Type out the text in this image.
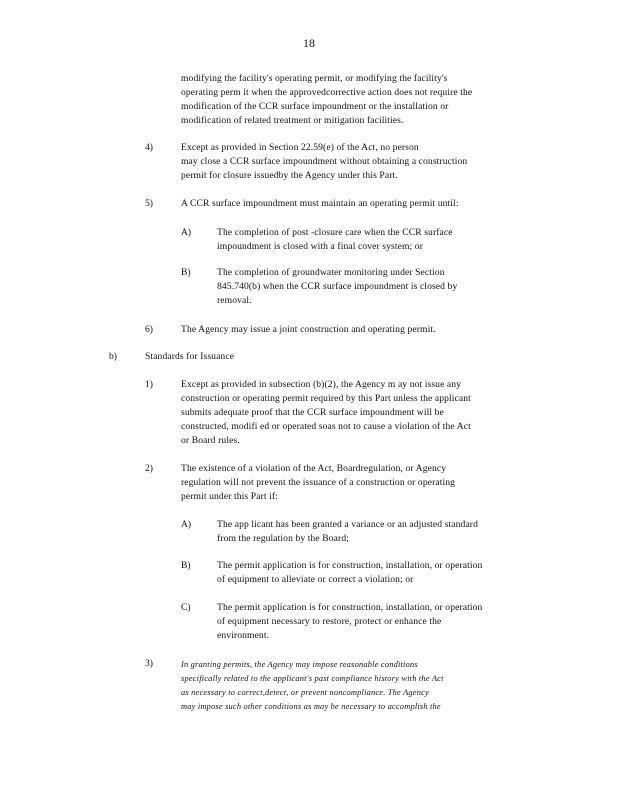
18
modifying the facility's operating permit, or modifying the facility's
operating perm it when the approvedcorrective action does not require the
modification of the CCR surface impoundment or the installation or
modification of related treatment or mitigation facilities.
4)	Except as provided in Section 22.59(e) of the Act, no person
may close a CCR surface impoundment without obtaining a construction
permit for closure issuedby the Agency under this Part.
5)	A CCR surface impoundment must maintain an operating permit until:
A)	The completion of post -closure care when the CCR surface
impoundment is closed with a final cover system; or
B)	The completion of groundwater monitoring under Section
845.740(b) when the CCR surface impoundment is closed by
removal.
6)	The Agency may issue a joint construction and operating permit.
b)	Standards for Issuance
1)	Except as provided in subsection (b)(2), the Agency m ay not issue any
construction or operating permit required by this Part unless the applicant
submits adequate proof that the CCR surface impoundment will be
constructed, modifi ed or operated soas not to cause a violation of the Act
or Board rules.
2)	The existence of a violation of the Act, Boardregulation, or Agency
regulation will not prevent the issuance of a construction or operating
permit under this Part if:
A)	The app licant has been granted a variance or an adjusted standard
from the regulation by the Board;
B)	The permit application is for construction, installation, or operation
of equipment to alleviate or correct a violation; or
C)	The permit application is for construction, installation, or operation
of equipment necessary to restore, protect or enhance the
environment.
3)	In granting permits, the Agency may impose reasonable conditions
specifically related to the applicant's past compliance history with the Act
as necessary to correct,detect, or prevent noncompliance. The Agency
may impose such other conditions as may be necessary to accomplish the
